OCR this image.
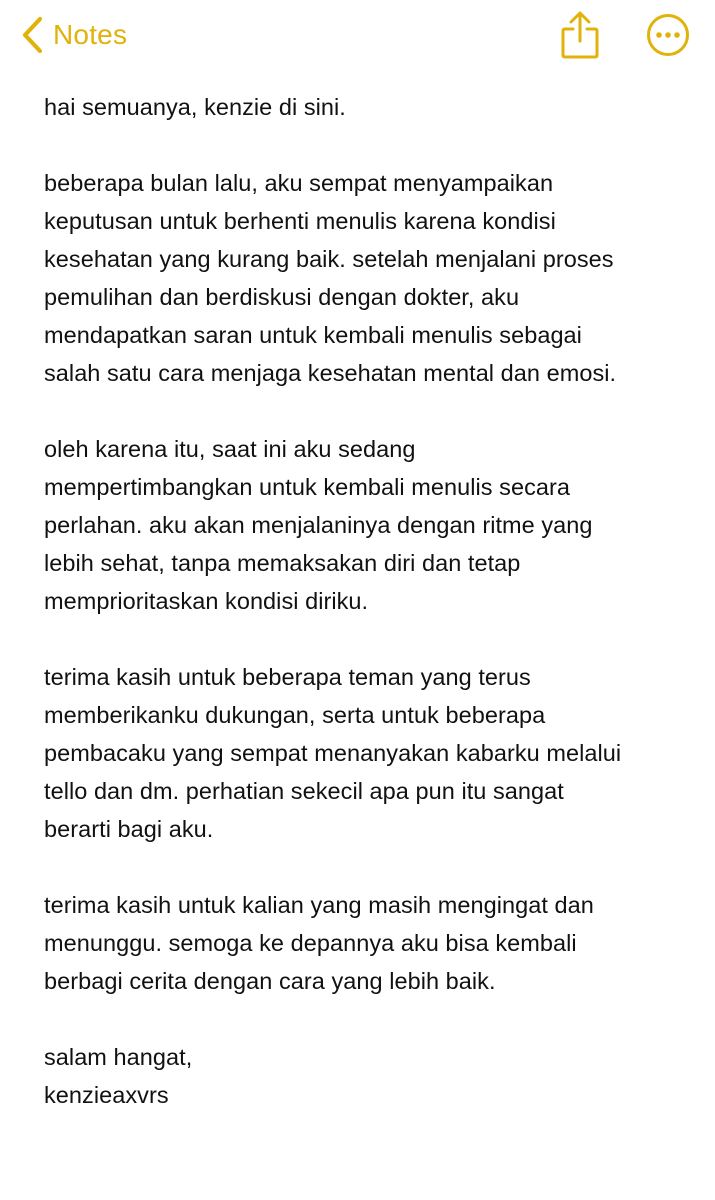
Notes

hai semuanya, kenzie di sini.

beberapa bulan lalu, aku sempat menyampaikan
keputusan untuk berhenti menulis karena kondisi
kesehatan yang kurang baik. setelah menjalani proses
pemulihan dan berdiskusi dengan dokter, aku
mendapatkan saran untuk kembali menulis sebagai
salah satu cara menjaga kesehatan mental dan emosi.

oleh karena itu, saat ini aku sedang
mempertimbangkan untuk kembali menulis secara
perlahan. aku akan menjalaninya dengan ritme yang
lebih sehat, tanpa memaksakan diri dan tetap
memprioritaskan kondisi diriku.

terima kasih untuk beberapa teman yang terus
memberikanku dukungan, serta untuk beberapa
pembacaku yang sempat menanyakan kabarku melalui
tello dan dm. perhatian sekecil apa pun itu sangat
berarti bagi aku.

terima kasih untuk kalian yang masih mengingat dan
menunggu. semoga ke depannya aku bisa kembali
berbagi cerita dengan cara yang lebih baik.

salam hangat,
kenzieaxvrs
